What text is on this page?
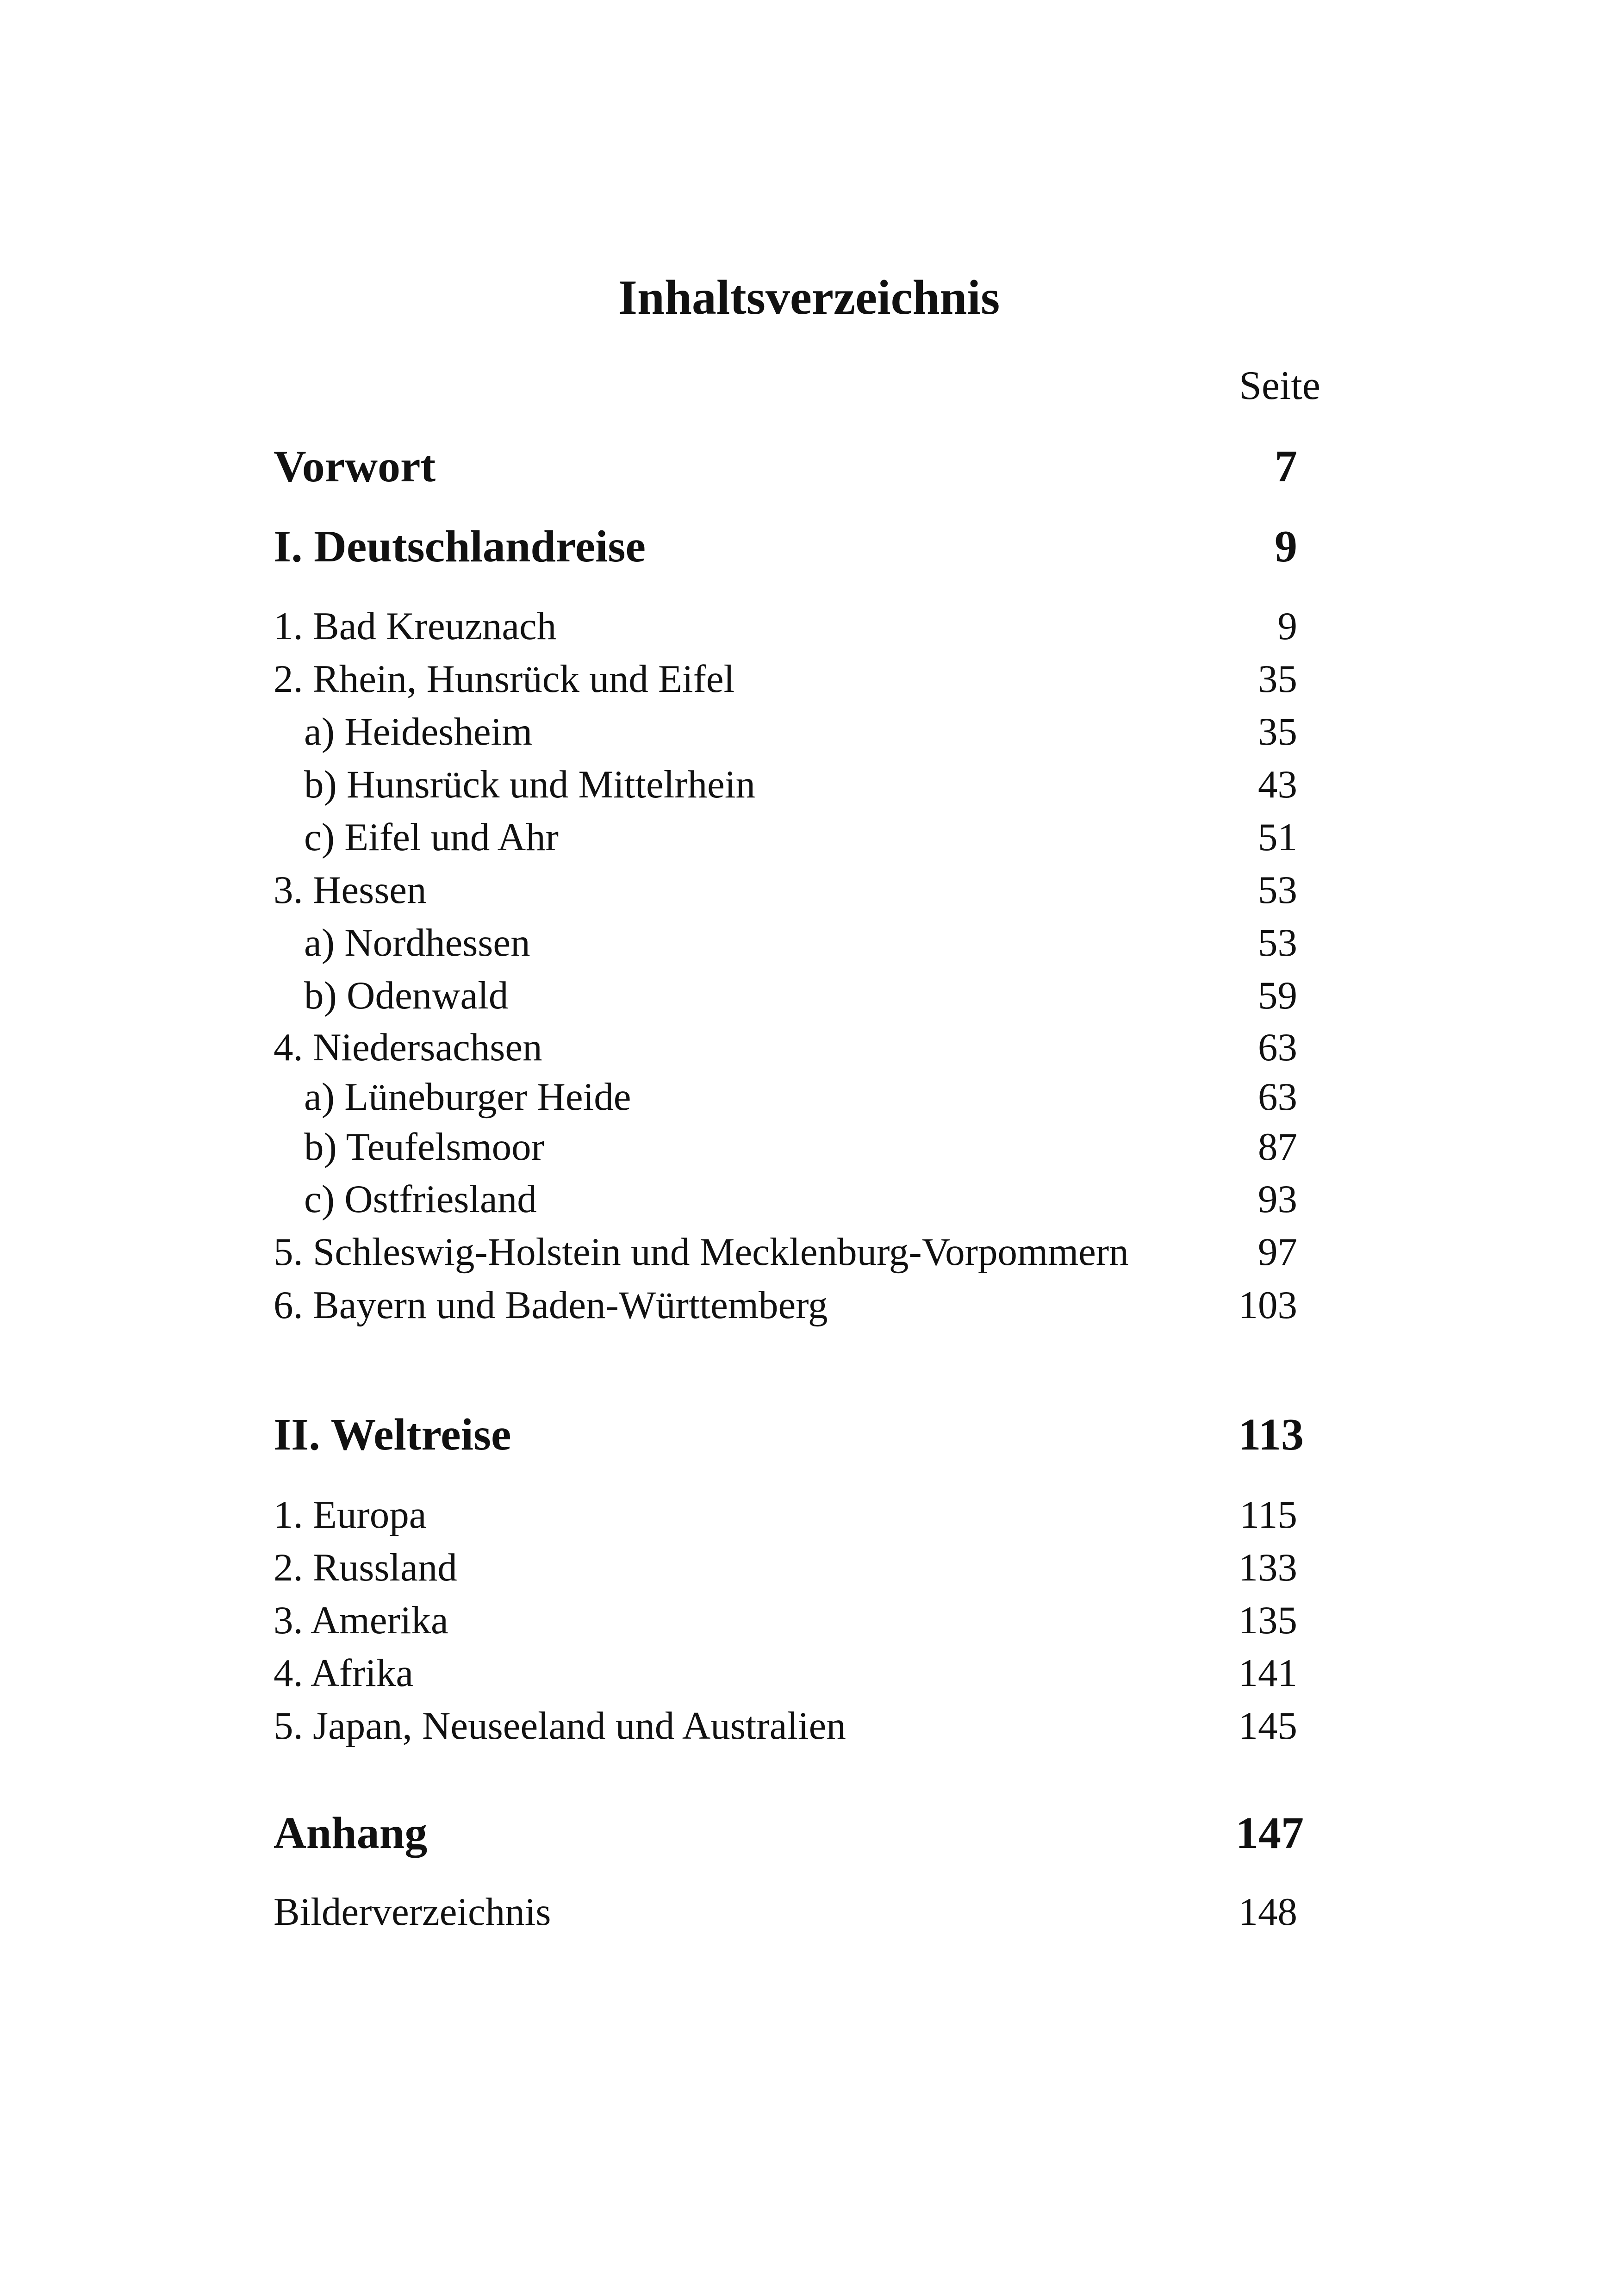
Inhaltsverzeichnis
Seite
Vorwort	7
I. Deutschlandreise	9
1. Bad Kreuznach	9
2. Rhein, Hunsrück und Eifel	35
a) Heidesheim	35
b) Hunsrück und Mittelrhein	43
c) Eifel und Ahr	51
3. Hessen	53
a) Nordhessen	53
b) Odenwald	59
4. Niedersachsen	63
a) Lüneburger Heide	63
b) Teufelsmoor	87
c) Ostfriesland	93
5. Schleswig-Holstein und Mecklenburg-Vorpommern	97
6. Bayern und Baden-Württemberg	103
II. Weltreise	113
1. Europa	115
2. Russland	133
3. Amerika	135
4. Afrika	141
5. Japan, Neuseeland und Australien	145
Anhang	147
Bilderverzeichnis	148
